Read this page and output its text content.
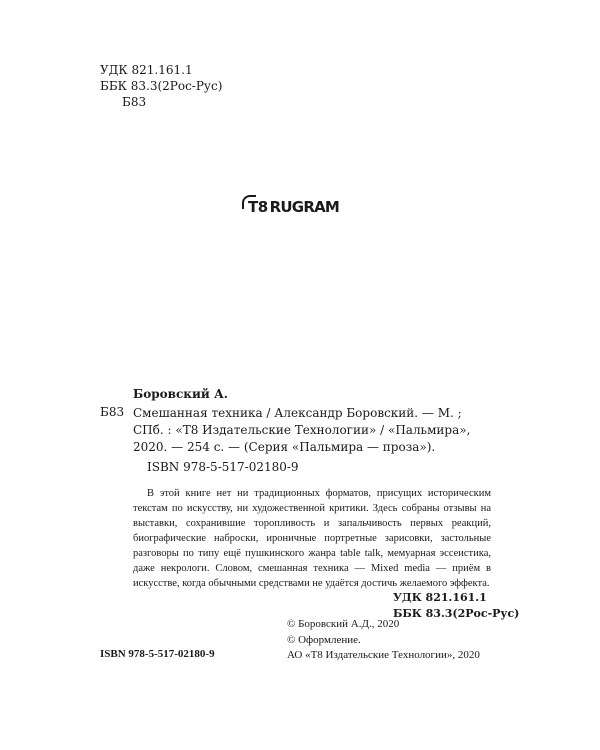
УДК 821.161.1
ББК 83.3(2Рос-Рус)
Б83
Т8 RUGRAM
Боровский А.
Б83 Смешанная техника / Александр Боровский. — М. ; СПб. : «Т8 Издательские Технологии» / «Пальмира», 2020. — 254 с. — (Серия «Пальмира — проза»).
ISBN 978-5-517-02180-9
В этой книге нет ни традиционных форматов, присущих историческим текстам по искусству, ни художественной критики. Здесь собраны отзывы на выставки, сохранившие торопливость и запальчивость первых реакций, биографические наброски, ироничные портретные зарисовки, застольные разговоры по типу ещё пушкинского жанра table talk, мемуарная эссеистика, даже некрологи. Словом, смешанная техника — Mixed media — приём в искусстве, когда обычными средствами не удаётся достичь желаемого эффекта.
УДК 821.161.1
ББК 83.3(2Рос-Рус)
© Боровский А.Д., 2020
© Оформление.
АО «Т8 Издательские Технологии», 2020
ISBN 978-5-517-02180-9
